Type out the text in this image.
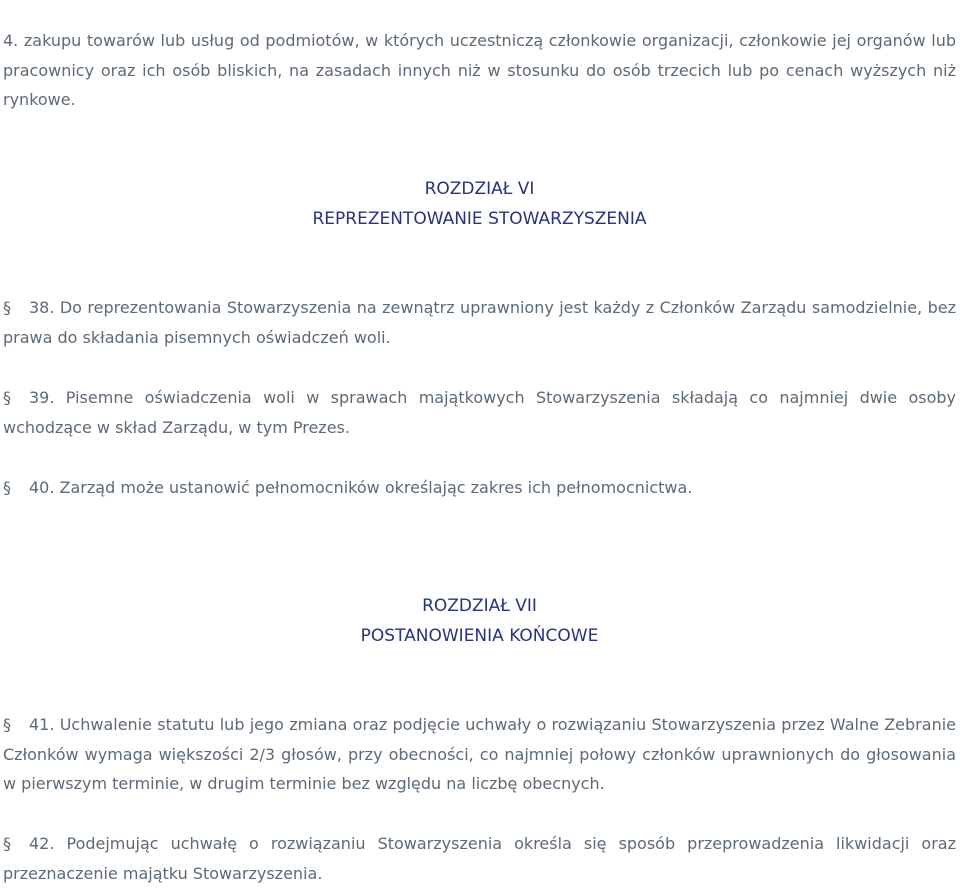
4. zakupu towarów lub usług od podmiotów, w których uczestniczą członkowie organizacji, członkowie jej organów lub pracownicy oraz ich osób bliskich, na zasadach innych niż w stosunku do osób trzecich lub po cenach wyższych niż rynkowe.

ROZDZIAŁ VI

REPREZENTOWANIE STOWARZYSZENIA

§ 38. Do reprezentowania Stowarzyszenia na zewnątrz uprawniony jest każdy z Członków Zarządu samodzielnie, bez prawa do składania pisemnych oświadczeń woli.

§ 39. Pisemne oświadczenia woli w sprawach majątkowych Stowarzyszenia składają co najmniej dwie osoby wchodzące w skład Zarządu, w tym Prezes.

§ 40. Zarząd może ustanowić pełnomocników określając zakres ich pełnomocnictwa.

ROZDZIAŁ VII

POSTANOWIENIA KOŃCOWE

§ 41. Uchwalenie statutu lub jego zmiana oraz podjęcie uchwały o rozwiązaniu Stowarzyszenia przez Walne Zebranie Członków wymaga większości 2/3 głosów, przy obecności, co najmniej połowy członków uprawnionych do głosowania w pierwszym terminie, w drugim terminie bez względu na liczbę obecnych.

§ 42. Podejmując uchwałę o rozwiązaniu Stowarzyszenia określa się sposób przeprowadzenia likwidacji oraz przeznaczenie majątku Stowarzyszenia.
